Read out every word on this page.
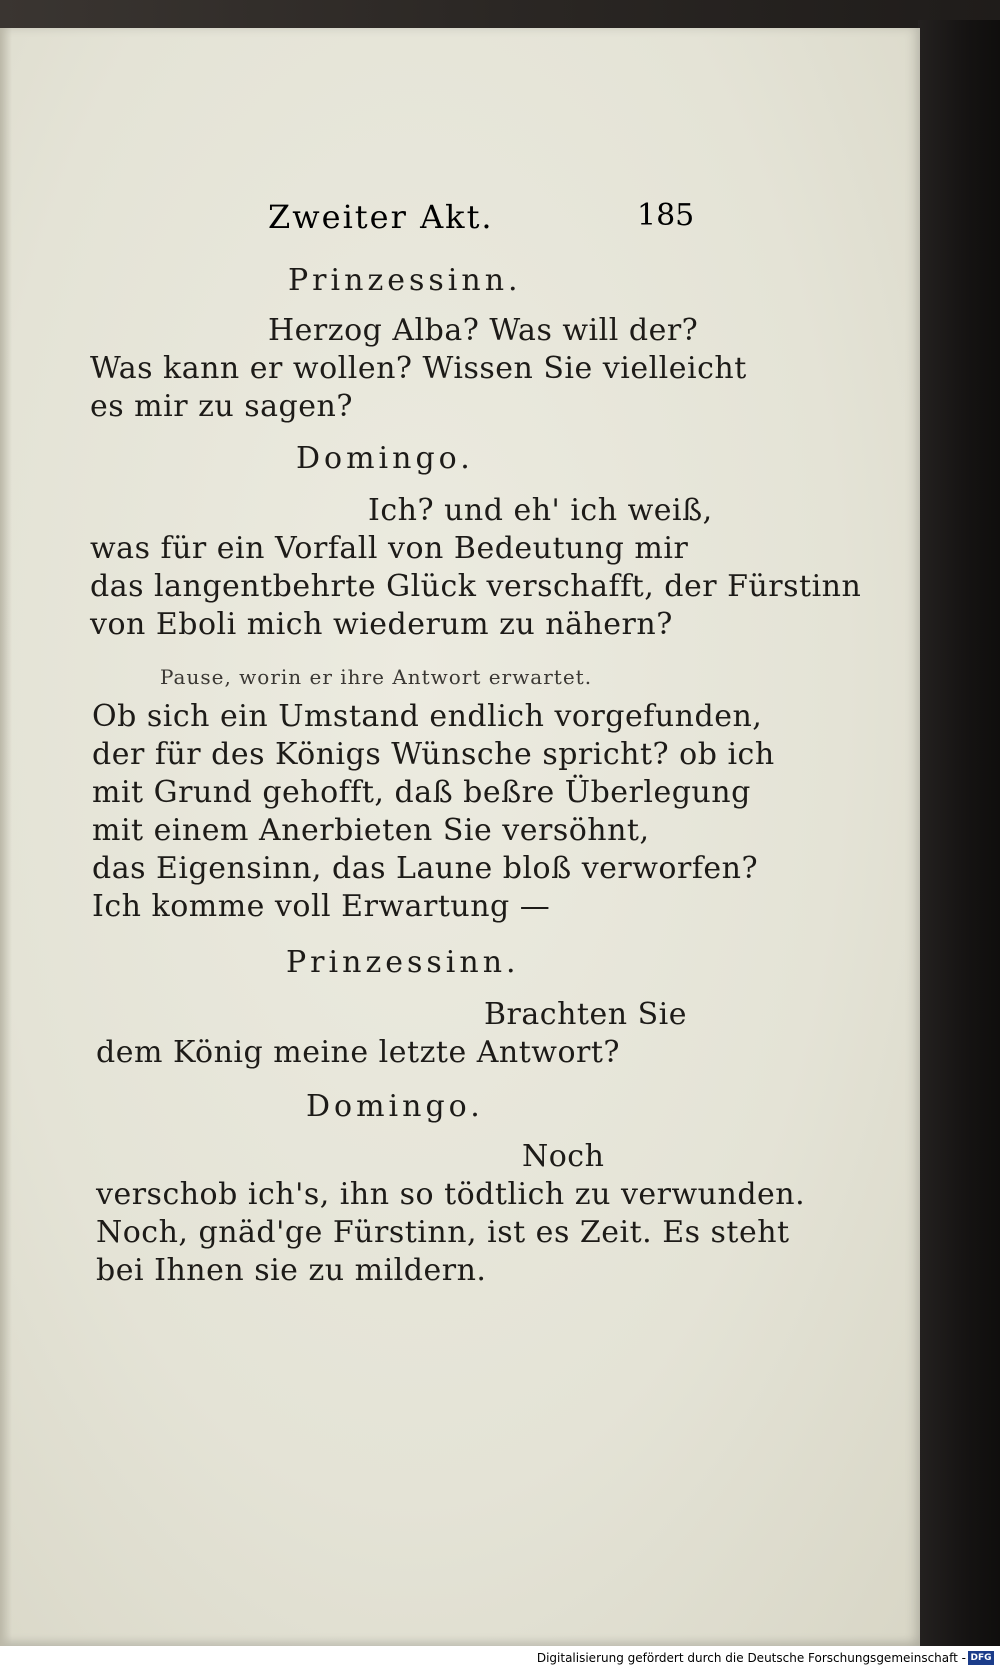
Zweiter Akt.	185
Prinzessinn.
Herzog Alba? Was will der?
Was kann er wollen? Wissen Sie vielleicht
es mir zu sagen?
Domingo.
Ich? und eh' ich weiß,
was für ein Vorfall von Bedeutung mir
das langentbehrte Glück verschafft, der Fürstinn
von Eboli mich wiederum zu nähern?
Pause, worin er ihre Antwort erwartet.
Ob sich ein Umstand endlich vorgefunden,
der für des Königs Wünsche spricht? ob ich
mit Grund gehofft, daß beßre Überlegung
mit einem Anerbieten Sie versöhnt,
das Eigensinn, das Laune bloß verworfen?
Ich komme voll Erwartung —
Prinzessinn.
Brachten Sie
dem König meine letzte Antwort?
Domingo.
Noch
verschob ich's, ihn so tödtlich zu verwunden.
Noch, gnäd'ge Fürstinn, ist es Zeit. Es steht
bei Ihnen sie zu mildern.
Digitalisierung gefördert durch die Deutsche Forschungsgemeinschaft - DFG
